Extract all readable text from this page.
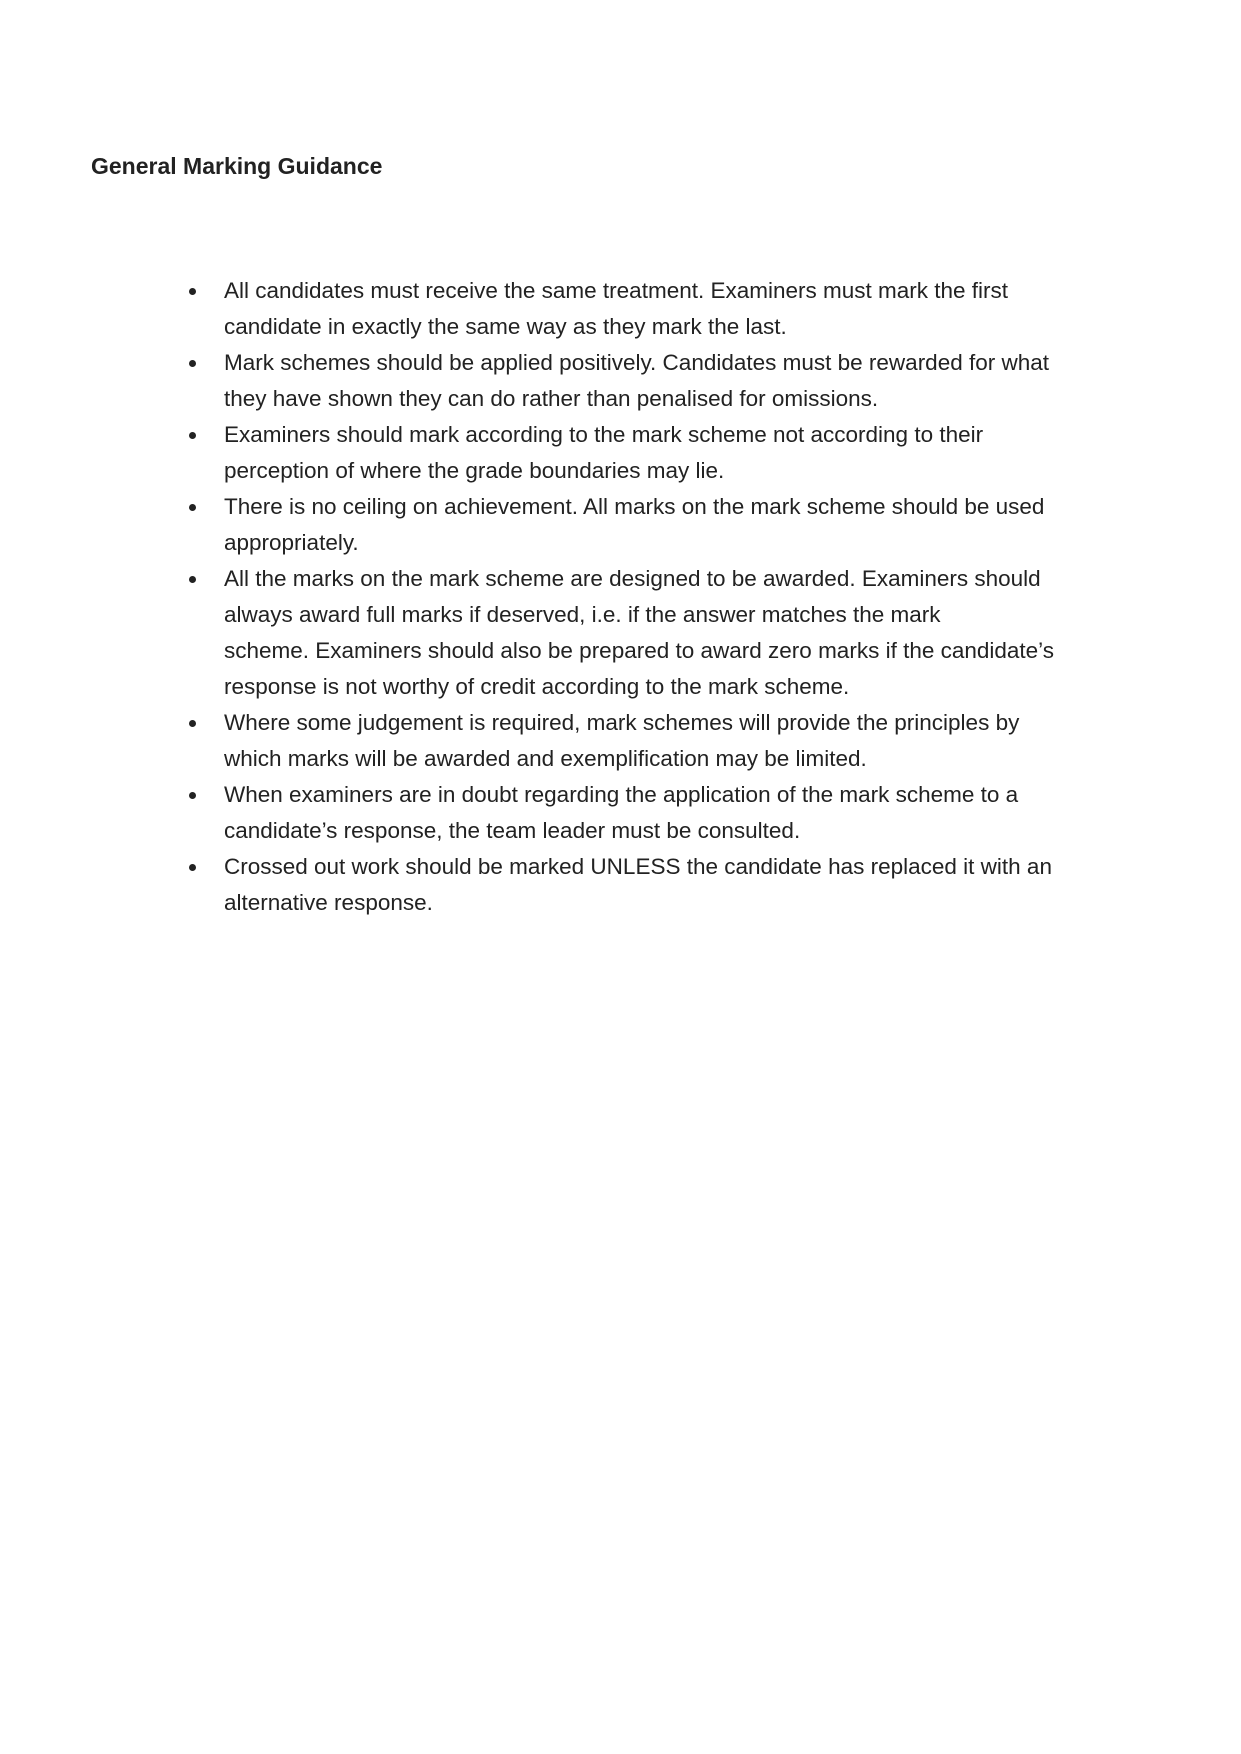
General Marking Guidance
All candidates must receive the same treatment. Examiners must mark the first
candidate in exactly the same way as they mark the last.
Mark schemes should be applied positively. Candidates must be rewarded for what
they have shown they can do rather than penalised for omissions.
Examiners should mark according to the mark scheme not according to their
perception of where the grade boundaries may lie.
There is no ceiling on achievement. All marks on the mark scheme should be used
appropriately.
All the marks on the mark scheme are designed to be awarded. Examiners should
always award full marks if deserved, i.e. if the answer matches the mark
scheme. Examiners should also be prepared to award zero marks if the candidate’s
response is not worthy of credit according to the mark scheme.
Where some judgement is required, mark schemes will provide the principles by
which marks will be awarded and exemplification may be limited.
When examiners are in doubt regarding the application of the mark scheme to a
candidate’s response, the team leader must be consulted.
Crossed out work should be marked UNLESS the candidate has replaced it with an
alternative response.
